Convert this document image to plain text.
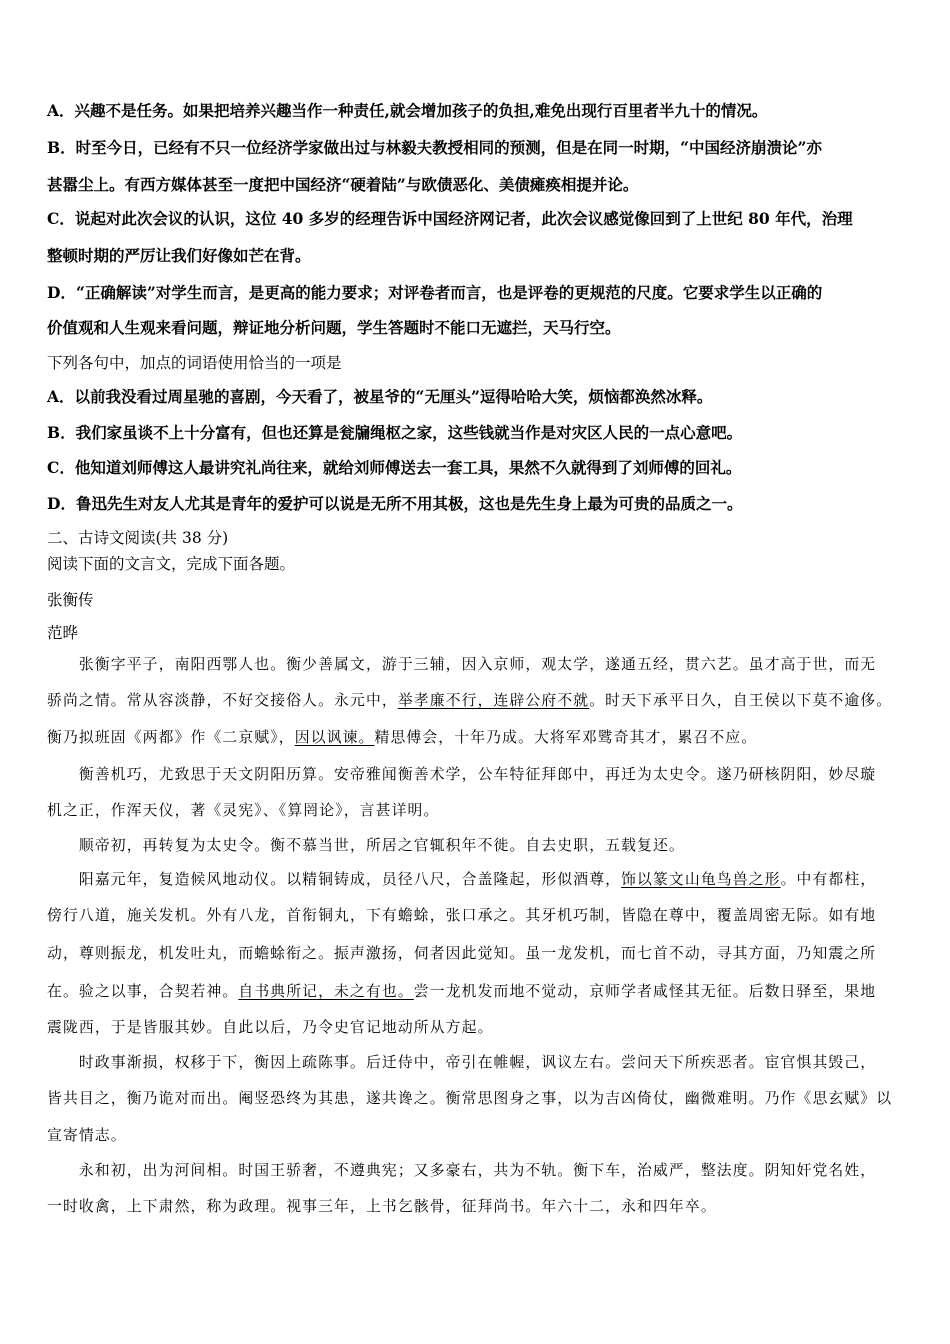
A．兴趣不是任务。如果把培养兴趣当作一种责任,就会增加孩子的负担,难免出现行百里者半九十的情况。
B．时至今日，已经有不只一位经济学家做出过与林毅夫教授相同的预测，但是在同一时期，“中国经济崩溃论”亦
甚嚣尘上。有西方媒体甚至一度把中国经济“硬着陆”与欧债恶化、美债瘫痪相提并论。
C．说起对此次会议的认识，这位 40 多岁的经理告诉中国经济网记者，此次会议感觉像回到了上世纪 80 年代，治理
整顿时期的严厉让我们好像如芒在背。
D．“正确解读”对学生而言，是更高的能力要求；对评卷者而言，也是评卷的更规范的尺度。它要求学生以正确的
价值观和人生观来看问题，辩证地分析问题，学生答题时不能口无遮拦，天马行空。
下列各句中，加点的词语使用恰当的一项是
A．以前我没看过周星驰的喜剧，今天看了，被星爷的“无厘头”逗得哈哈大笑，烦恼都涣然冰释。
B．我们家虽谈不上十分富有，但也还算是瓮牖绳枢之家，这些钱就当作是对灾区人民的一点心意吧。
C．他知道刘师傅这人最讲究礼尚往来，就给刘师傅送去一套工具，果然不久就得到了刘师傅的回礼。
D．鲁迅先生对友人尤其是青年的爱护可以说是无所不用其极，这也是先生身上最为可贵的品质之一。
二、古诗文阅读(共 38 分)
阅读下面的文言文，完成下面各题。
张衡传
范晔
　　张衡字平子，南阳西鄂人也。衡少善属文，游于三辅，因入京师，观太学，遂通五经，贯六艺。虽才高于世，而无
骄尚之情。常从容淡静，不好交接俗人。永元中，举孝廉不行，连辟公府不就。时天下承平日久，自王侯以下莫不逾侈。
衡乃拟班固《两都》作《二京赋》，因以讽谏。精思傅会，十年乃成。大将军邓骘奇其才，累召不应。
　　衡善机巧，尤致思于天文阴阳历算。安帝雅闻衡善术学，公车特征拜郎中，再迁为太史令。遂乃研核阴阳，妙尽璇
机之正，作浑天仪，著《灵宪》、《算罔论》，言甚详明。
　　顺帝初，再转复为太史令。衡不慕当世，所居之官辄积年不徙。自去史职，五载复还。
　　阳嘉元年，复造候风地动仪。以精铜铸成，员径八尺，合盖隆起，形似酒尊，饰以篆文山龟鸟兽之形。中有都柱，
傍行八道，施关发机。外有八龙，首衔铜丸，下有蟾蜍，张口承之。其牙机巧制，皆隐在尊中，覆盖周密无际。如有地
动，尊则振龙，机发吐丸，而蟾蜍衔之。振声激扬，伺者因此觉知。虽一龙发机，而七首不动，寻其方面，乃知震之所
在。验之以事，合契若神。自书典所记，未之有也。尝一龙机发而地不觉动，京师学者咸怪其无征。后数日驿至，果地
震陇西，于是皆服其妙。自此以后，乃令史官记地动所从方起。
　　时政事渐损，权移于下，衡因上疏陈事。后迁侍中，帝引在帷幄，讽议左右。尝问天下所疾恶者。宦官惧其毁己，
皆共目之，衡乃诡对而出。阉竖恐终为其患，遂共谗之。衡常思图身之事，以为吉凶倚仗，幽微难明。乃作《思玄赋》以
宣寄情志。
　　永和初，出为河间相。时国王骄奢，不遵典宪；又多豪右，共为不轨。衡下车，治威严，整法度。阴知奸党名姓，
一时收禽，上下肃然，称为政理。视事三年，上书乞骸骨，征拜尚书。年六十二，永和四年卒。
